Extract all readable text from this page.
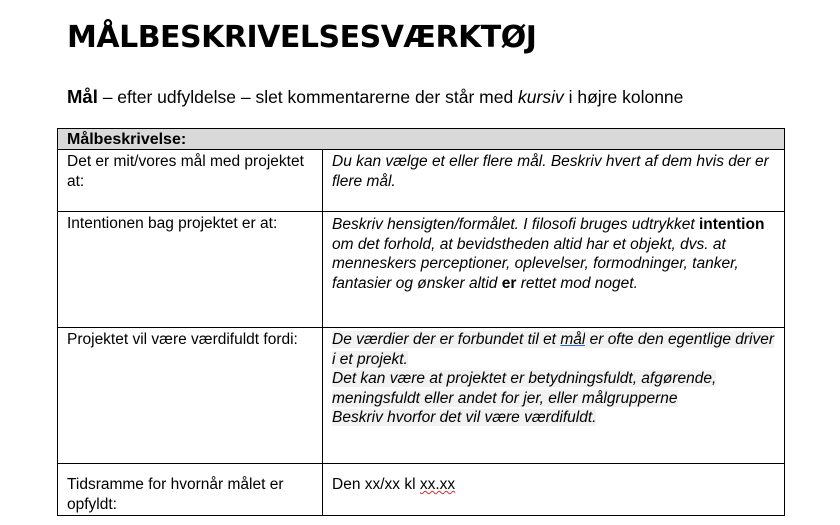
MÅLBESKRIVELSESVÆRKTØJ
Mål – efter udfyldelse – slet kommentarerne der står med kursiv i højre kolonne
Målbeskrivelse:	
Det er mit/vores mål med projektet at:	Du kan vælge et eller flere mål. Beskriv hvert af dem hvis der er flere mål.
Intentionen bag projektet er at:	Beskriv hensigten/formålet. I filosofi bruges udtrykket intention om det forhold, at bevidstheden altid har et objekt, dvs. at menneskers perceptioner, oplevelser, formodninger, tanker, fantasier og ønsker altid er rettet mod noget.
Projektet vil være værdifuldt fordi:	De værdier der er forbundet til et mål er ofte den egentlige driver i et projekt.
Det kan være at projektet er betydningsfuldt, afgørende, meningsfuldt eller andet for jer, eller målgrupperne
Beskriv hvorfor det vil være værdifuldt.
Tidsramme for hvornår målet er opfyldt:	Den xx/xx kl xx.xx
